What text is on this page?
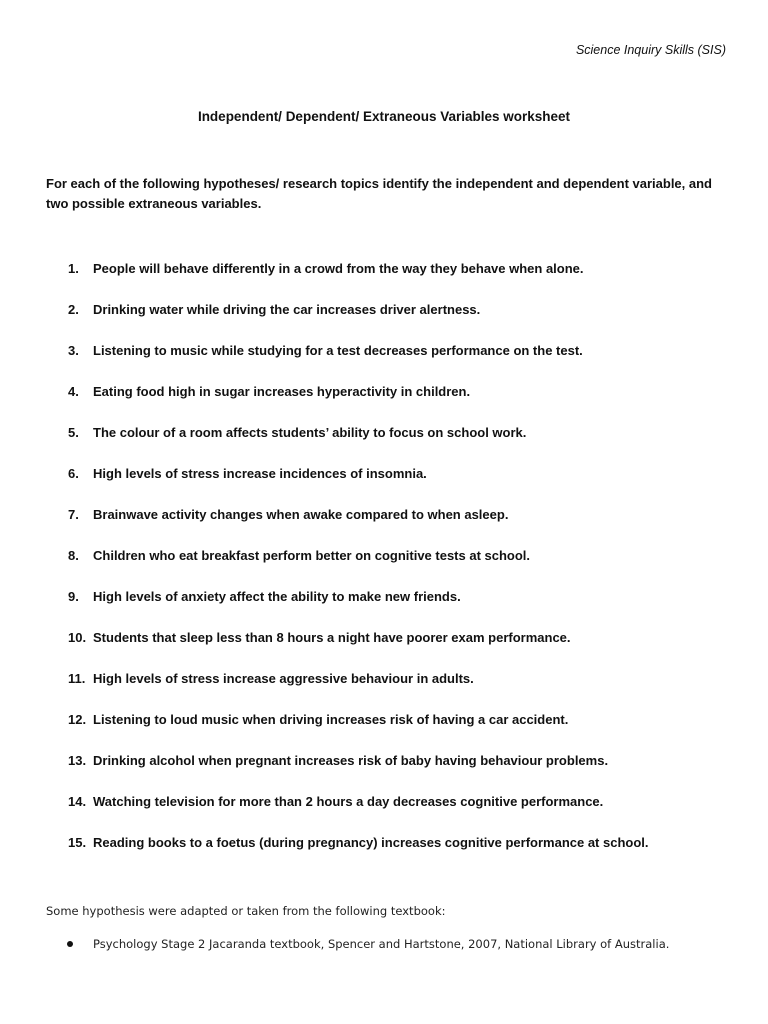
Science Inquiry Skills (SIS)
Independent/ Dependent/ Extraneous Variables worksheet
For each of the following hypotheses/ research topics identify the independent and dependent variable, and two possible extraneous variables.
1.	People will behave differently in a crowd from the way they behave when alone.
2.	Drinking water while driving the car increases driver alertness.
3.	Listening to music while studying for a test decreases performance on the test.
4.	Eating food high in sugar increases hyperactivity in children.
5.	The colour of a room affects students’ ability to focus on school work.
6.	High levels of stress increase incidences of insomnia.
7.	Brainwave activity changes when awake compared to when asleep.
8.	Children who eat breakfast perform better on cognitive tests at school.
9.	High levels of anxiety affect the ability to make new friends.
10. Students that sleep less than 8 hours a night have poorer exam performance.
11. High levels of stress increase aggressive behaviour in adults.
12. Listening to loud music when driving increases risk of having a car accident.
13. Drinking alcohol when pregnant increases risk of baby having behaviour problems.
14. Watching television for more than 2 hours a day decreases cognitive performance.
15. Reading books to a foetus (during pregnancy) increases cognitive performance at school.
Some hypothesis were adapted or taken from the following textbook:
Psychology Stage 2 Jacaranda textbook, Spencer and Hartstone, 2007, National Library of Australia.
